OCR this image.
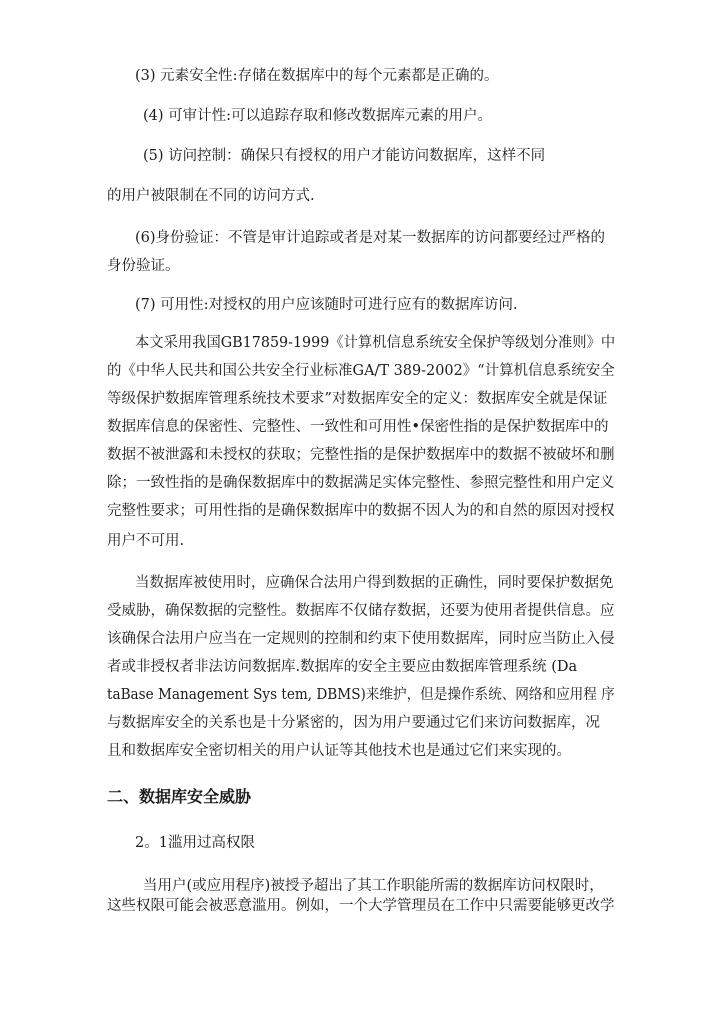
(3) 元素安全性:存储在数据库中的每个元素都是正确的。
(4) 可审计性:可以追踪存取和修改数据库元素的用户。
(5) 访问控制：确保只有授权的用户才能访问数据库，这样不同
的用户被限制在不同的访问方式.
(6)身份验证：不管是审计追踪或者是对某一数据库的访问都要经过严格的
身份验证。
(7) 可用性:对授权的用户应该随时可进行应有的数据库访问.
本文采用我国GB17859-1999《计算机信息系统安全保护等级划分准则》中
的《中华人民共和国公共安全行业标准GA/T 389-2002》“计算机信息系统安全
等级保护数据库管理系统技术要求”对数据库安全的定义：数据库安全就是保证
数据库信息的保密性、完整性、一致性和可用性•保密性指的是保护数据库中的
数据不被泄露和未授权的获取；完整性指的是保护数据库中的数据不被破坏和删
除；一致性指的是确保数据库中的数据满足实体完整性、参照完整性和用户定义
完整性要求；可用性指的是确保数据库中的数据不因人为的和自然的原因对授权
用户不可用.
当数据库被使用时，应确保合法用户得到数据的正确性，同时要保护数据免
受威胁，确保数据的完整性。数据库不仅储存数据，还要为使用者提供信息。应
该确保合法用户应当在一定规则的控制和约束下使用数据库，同时应当防止入侵
者或非授权者非法访问数据库.数据库的安全主要应由数据库管理系统 (Da
taBase Management Sys tem, DBMS)来维护，但是操作系统、网络和应用程 序
与数据库安全的关系也是十分紧密的，因为用户要通过它们来访问数据库，况
且和数据库安全密切相关的用户认证等其他技术也是通过它们来实现的。
二、数据库安全威胁
2。1滥用过高权限
当用户(或应用程序)被授予超出了其工作职能所需的数据库访问权限时，
这些权限可能会被恶意滥用。例如，一个大学管理员在工作中只需要能够更改学
